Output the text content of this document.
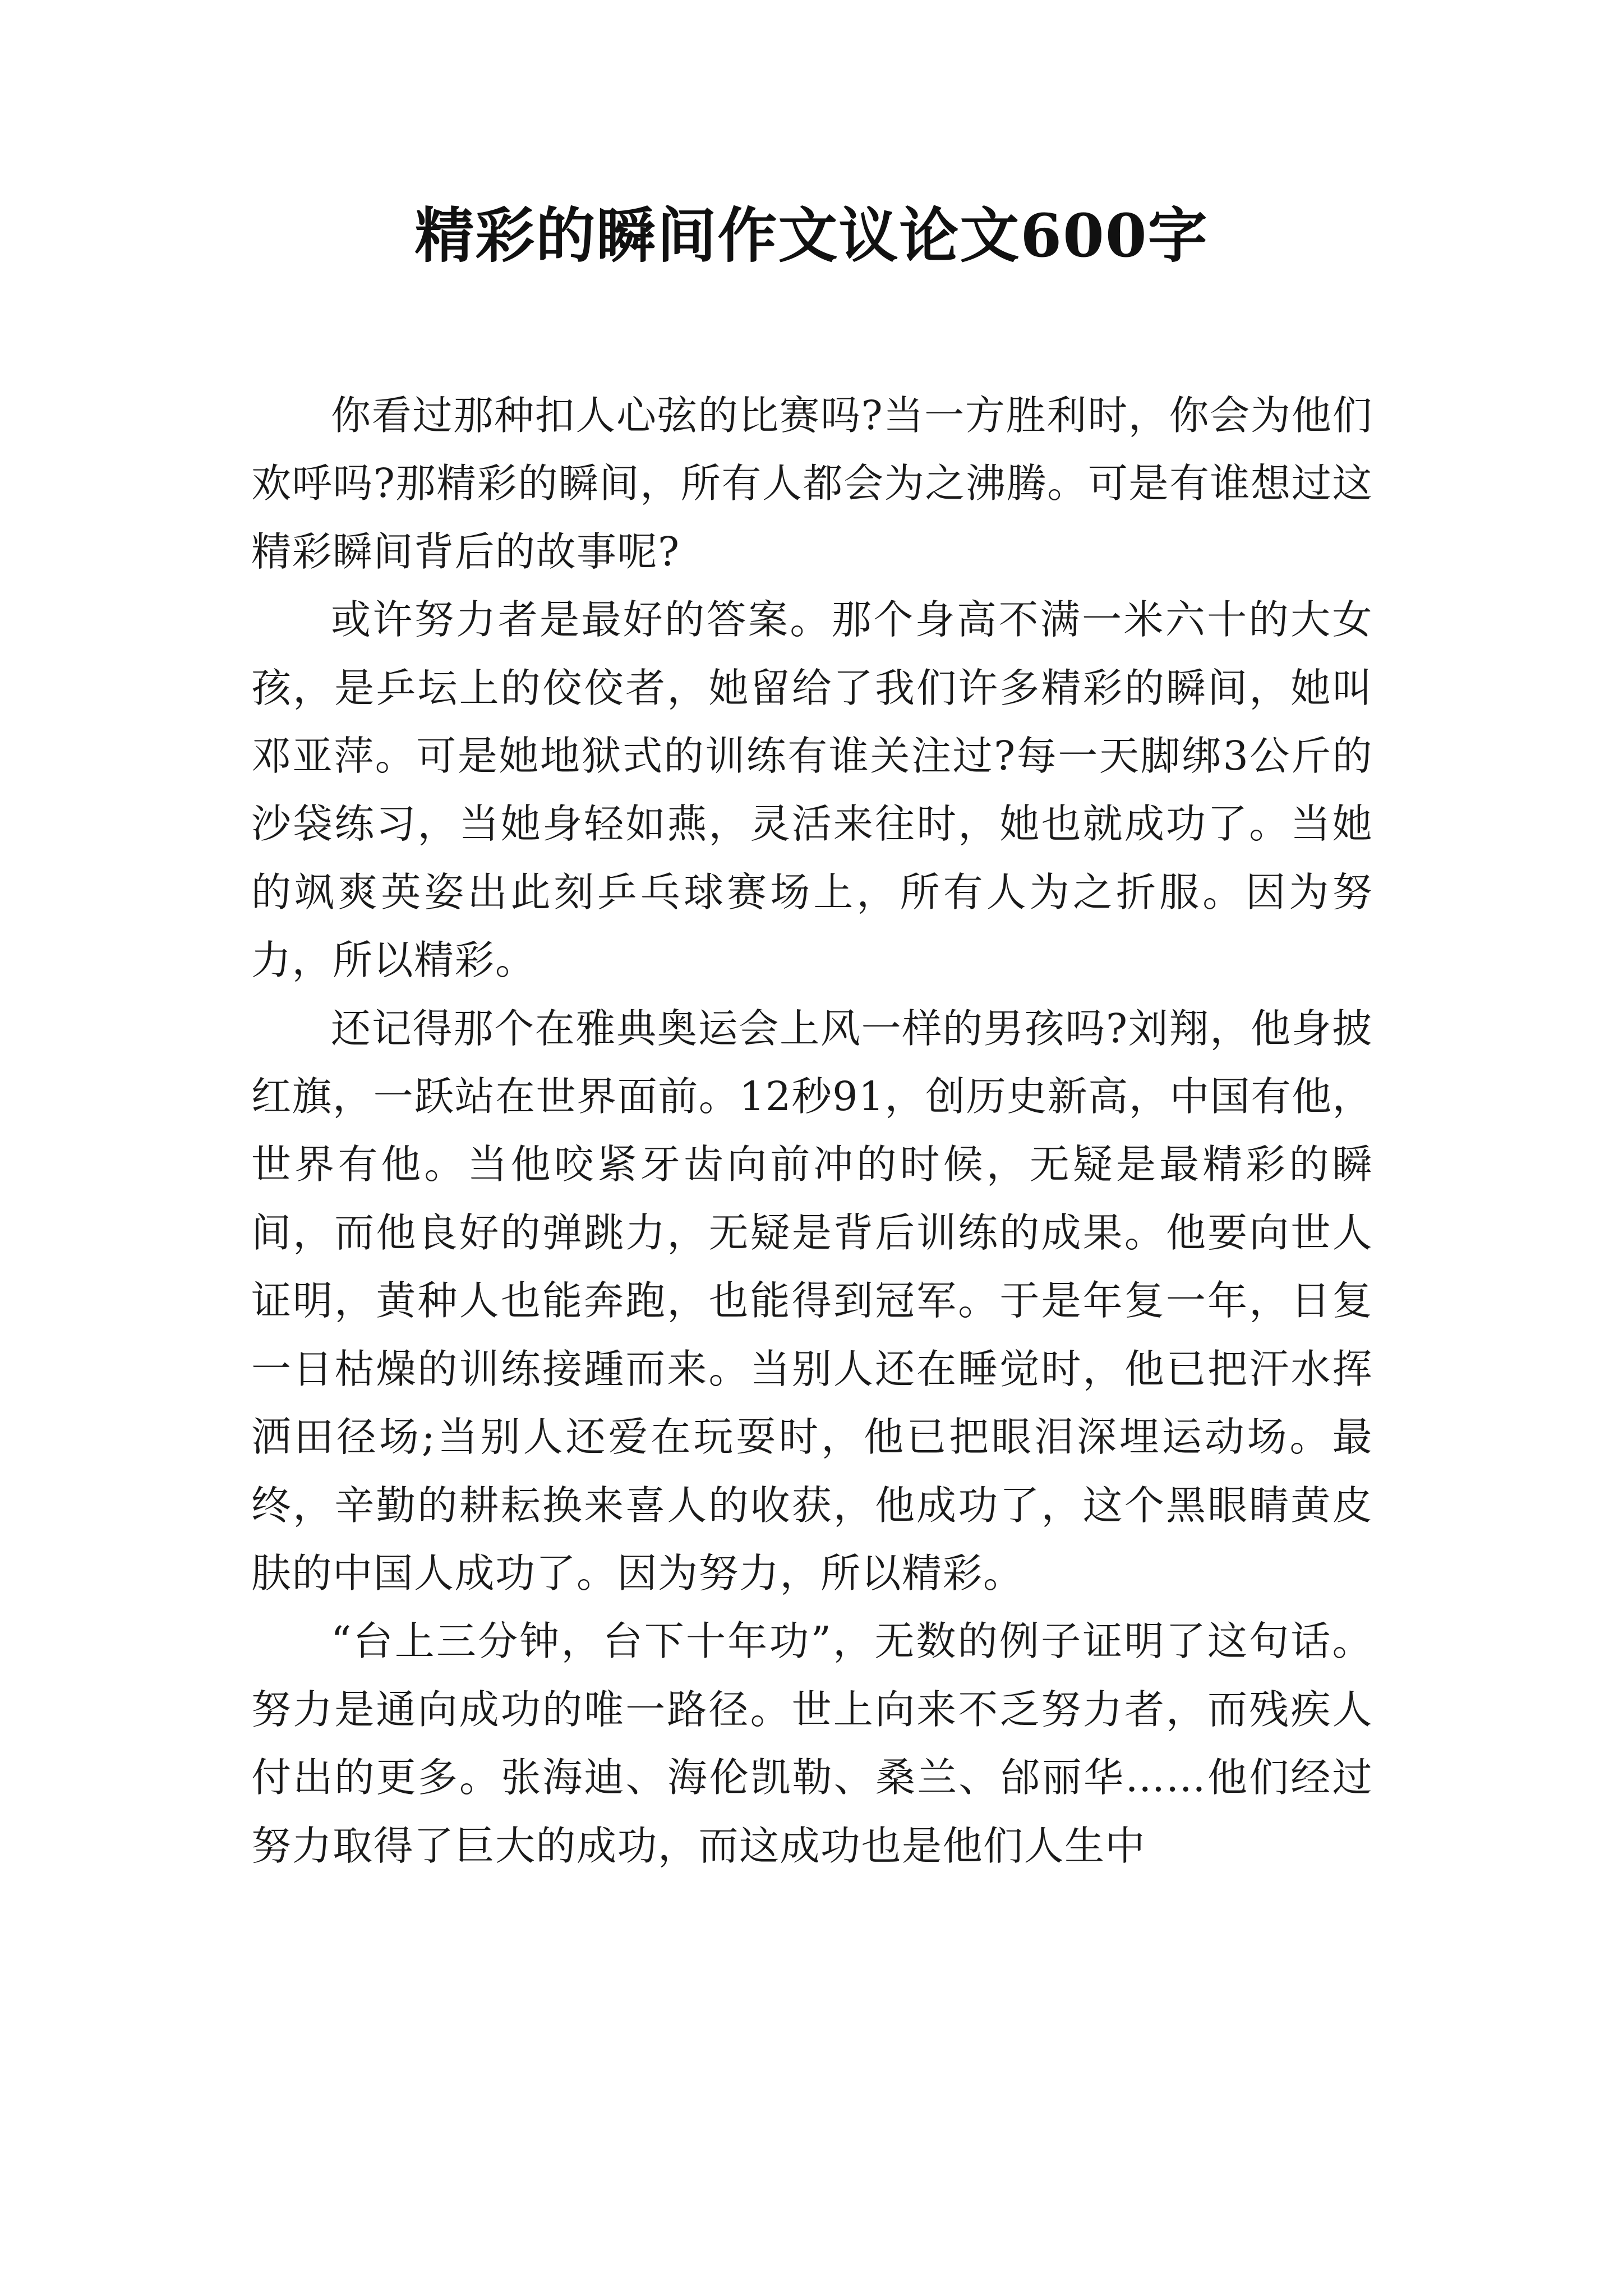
精彩的瞬间作文议论文600字

你看过那种扣人心弦的比赛吗?当一方胜利时，你会为他们欢呼吗?那精彩的瞬间，所有人都会为之沸腾。可是有谁想过这精彩瞬间背后的故事呢?

或许努力者是最好的答案。那个身高不满一米六十的大女孩，是乒坛上的佼佼者，她留给了我们许多精彩的瞬间，她叫邓亚萍。可是她地狱式的训练有谁关注过?每一天脚绑3公斤的沙袋练习，当她身轻如燕，灵活来往时，她也就成功了。当她的飒爽英姿出此刻乒乓球赛场上，所有人为之折服。因为努力，所以精彩。

还记得那个在雅典奥运会上风一样的男孩吗?刘翔，他身披红旗，一跃站在世界面前。12秒91，创历史新高，中国有他，世界有他。当他咬紧牙齿向前冲的时候，无疑是最精彩的瞬间，而他良好的弹跳力，无疑是背后训练的成果。他要向世人证明，黄种人也能奔跑，也能得到冠军。于是年复一年，日复一日枯燥的训练接踵而来。当别人还在睡觉时，他已把汗水挥洒田径场;当别人还爱在玩耍时，他已把眼泪深埋运动场。最终，辛勤的耕耘换来喜人的收获，他成功了，这个黑眼睛黄皮肤的中国人成功了。因为努力，所以精彩。

“台上三分钟，台下十年功”，无数的例子证明了这句话。努力是通向成功的唯一路径。世上向来不乏努力者，而残疾人付出的更多。张海迪、海伦凯勒、桑兰、邰丽华……他们经过努力取得了巨大的成功，而这成功也是他们人生中
